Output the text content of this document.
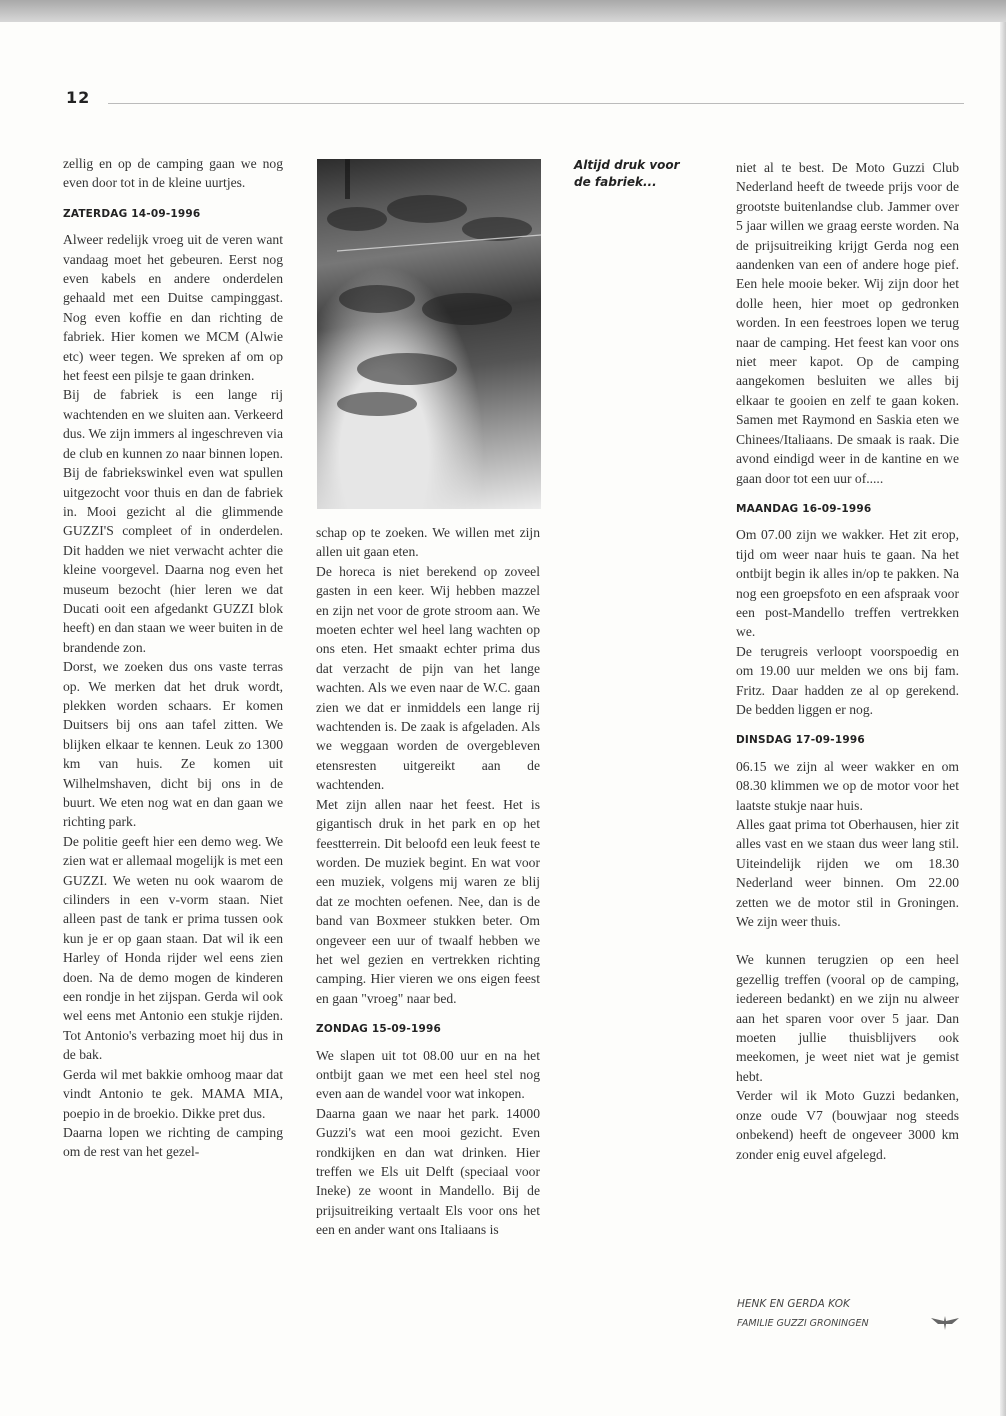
12

zellig en op de camping gaan we nog even door tot in de kleine uurtjes.

ZATERDAG 14-09-1996

Alweer redelijk vroeg uit de veren want vandaag moet het gebeuren. Eerst nog even kabels en andere onderdelen gehaald met een Duitse campinggast. Nog even koffie en dan richting de fabriek. Hier komen we MCM (Alwie etc) weer tegen. We spreken af om op het feest een pilsje te gaan drinken.

Bij de fabriek is een lange rij wachtenden en we sluiten aan. Verkeerd dus. We zijn immers al ingeschreven via de club en kunnen zo naar binnen lopen. Bij de fabriekswinkel even wat spullen uitgezocht voor thuis en dan de fabriek in. Mooi gezicht al die glimmende GUZZI'S compleet of in onderdelen. Dit hadden we niet verwacht achter die kleine voorgevel. Daarna nog even het museum bezocht (hier leren we dat Ducati ooit een afgedankt GUZZI blok heeft) en dan staan we weer buiten in de brandende zon.

Dorst, we zoeken dus ons vaste terras op. We merken dat het druk wordt, plekken worden schaars. Er komen Duitsers bij ons aan tafel zitten. We blijken elkaar te kennen. Leuk zo 1300 km van huis. Ze komen uit Wilhelmshaven, dicht bij ons in de buurt. We eten nog wat en dan gaan we richting park.

De politie geeft hier een demo weg. We zien wat er allemaal mogelijk is met een GUZZI. We weten nu ook waarom de cilinders in een v-vorm staan. Niet alleen past de tank er prima tussen ook kun je er op gaan staan. Dat wil ik een Harley of Honda rijder wel eens zien doen. Na de demo mogen de kinderen een rondje in het zijspan. Gerda wil ook wel eens met Antonio een stukje rijden. Tot Antonio's verbazing moet hij dus in de bak.

Gerda wil met bakkie omhoog maar dat vindt Antonio te gek. MAMA MIA, poepio in de broekio. Dikke pret dus.

Daarna lopen we richting de camping om de rest van het gezel-

Altijd druk voor de fabriek...

schap op te zoeken. We willen met zijn allen uit gaan eten.

De horeca is niet berekend op zoveel gasten in een keer. Wij hebben mazzel en zijn net voor de grote stroom aan. We moeten echter wel heel lang wachten op ons eten. Het smaakt echter prima dus dat verzacht de pijn van het lange wachten. Als we even naar de W.C. gaan zien we dat er inmiddels een lange rij wachtenden is. De zaak is afgeladen. Als we weggaan worden de overgebleven etensresten uitgereikt aan de wachtenden.

Met zijn allen naar het feest. Het is gigantisch druk in het park en op het feestterrein. Dit beloofd een leuk feest te worden. De muziek begint. En wat voor een muziek, volgens mij waren ze blij dat ze mochten oefenen. Nee, dan is de band van Boxmeer stukken beter. Om ongeveer een uur of twaalf hebben we het wel gezien en vertrekken richting camping. Hier vieren we ons eigen feest en gaan "vroeg" naar bed.

ZONDAG 15-09-1996

We slapen uit tot 08.00 uur en na het ontbijt gaan we met een heel stel nog even aan de wandel voor wat inkopen.

Daarna gaan we naar het park. 14000 Guzzi's wat een mooi gezicht. Even rondkijken en dan wat drinken. Hier treffen we Els uit Delft (speciaal voor Ineke) ze woont in Mandello. Bij de prijsuitreiking vertaalt Els voor ons het een en ander want ons Italiaans is

niet al te best. De Moto Guzzi Club Nederland heeft de tweede prijs voor de grootste buitenlandse club. Jammer over 5 jaar willen we graag eerste worden. Na de prijsuitreiking krijgt Gerda nog een aandenken van een of andere hoge pief. Een hele mooie beker. Wij zijn door het dolle heen, hier moet op gedronken worden. In een feestroes lopen we terug naar de camping. Het feest kan voor ons niet meer kapot. Op de camping aangekomen besluiten we alles bij elkaar te gooien en zelf te gaan koken. Samen met Raymond en Saskia eten we Chinees/Italiaans. De smaak is raak. Die avond eindigd weer in de kantine en we gaan door tot een uur of.....

MAANDAG 16-09-1996

Om 07.00 zijn we wakker. Het zit erop, tijd om weer naar huis te gaan. Na het ontbijt begin ik alles in/op te pakken. Na nog een groepsfoto en een afspraak voor een post-Mandello treffen vertrekken we.

De terugreis verloopt voorspoedig en om 19.00 uur melden we ons bij fam. Fritz. Daar hadden ze al op gerekend. De bedden liggen er nog.

DINSDAG 17-09-1996

06.15 we zijn al weer wakker en om 08.30 klimmen we op de motor voor het laatste stukje naar huis.

Alles gaat prima tot Oberhausen, hier zit alles vast en we staan dus weer lang stil. Uiteindelijk rijden we om 18.30 Nederland weer binnen. Om 22.00 zetten we de motor stil in Groningen. We zijn weer thuis.

We kunnen terugzien op een heel gezellig treffen (vooral op de camping, iedereen bedankt) en we zijn nu alweer aan het sparen voor over 5 jaar. Dan moeten jullie thuisblijvers ook meekomen, je weet niet wat je gemist hebt.

Verder wil ik Moto Guzzi bedanken, onze oude V7 (bouwjaar nog steeds onbekend) heeft de ongeveer 3000 km zonder enig euvel afgelegd.

HENK EN GERDA KOK
FAMILIE GUZZI GRONINGEN
